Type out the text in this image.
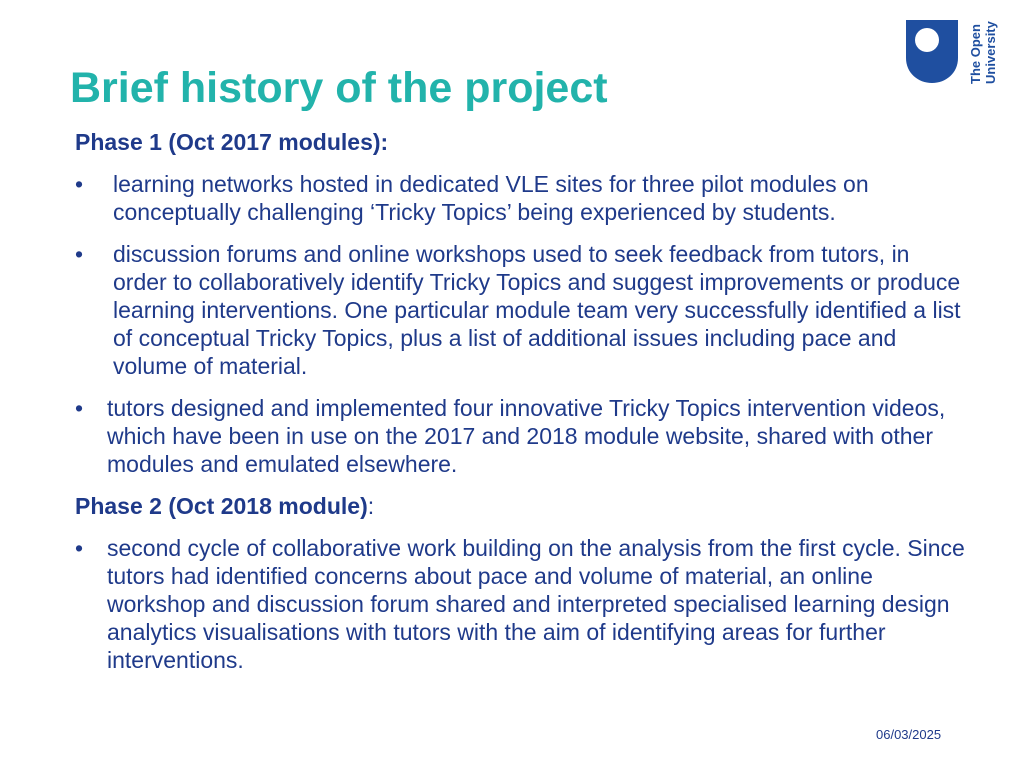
The Open University
Brief history of the project
Phase 1 (Oct 2017 modules):
•	learning networks hosted in dedicated VLE sites for three pilot modules on conceptually challenging ‘Tricky Topics’ being experienced by students.
•	discussion forums and online workshops used to seek feedback from tutors, in order to collaboratively identify Tricky Topics and suggest improvements or produce learning interventions. One particular module team very successfully identified a list of conceptual Tricky Topics, plus a list of additional issues including pace and volume of material.
•	tutors designed and implemented four innovative Tricky Topics intervention videos, which have been in use on the 2017 and 2018 module website, shared with other modules and emulated elsewhere.
Phase 2 (Oct 2018 module):
•	second cycle of collaborative work building on the analysis from the first cycle. Since tutors had identified concerns about pace and volume of material, an online workshop and discussion forum shared and interpreted specialised learning design analytics visualisations with tutors with the aim of identifying areas for further interventions.
06/03/2025
